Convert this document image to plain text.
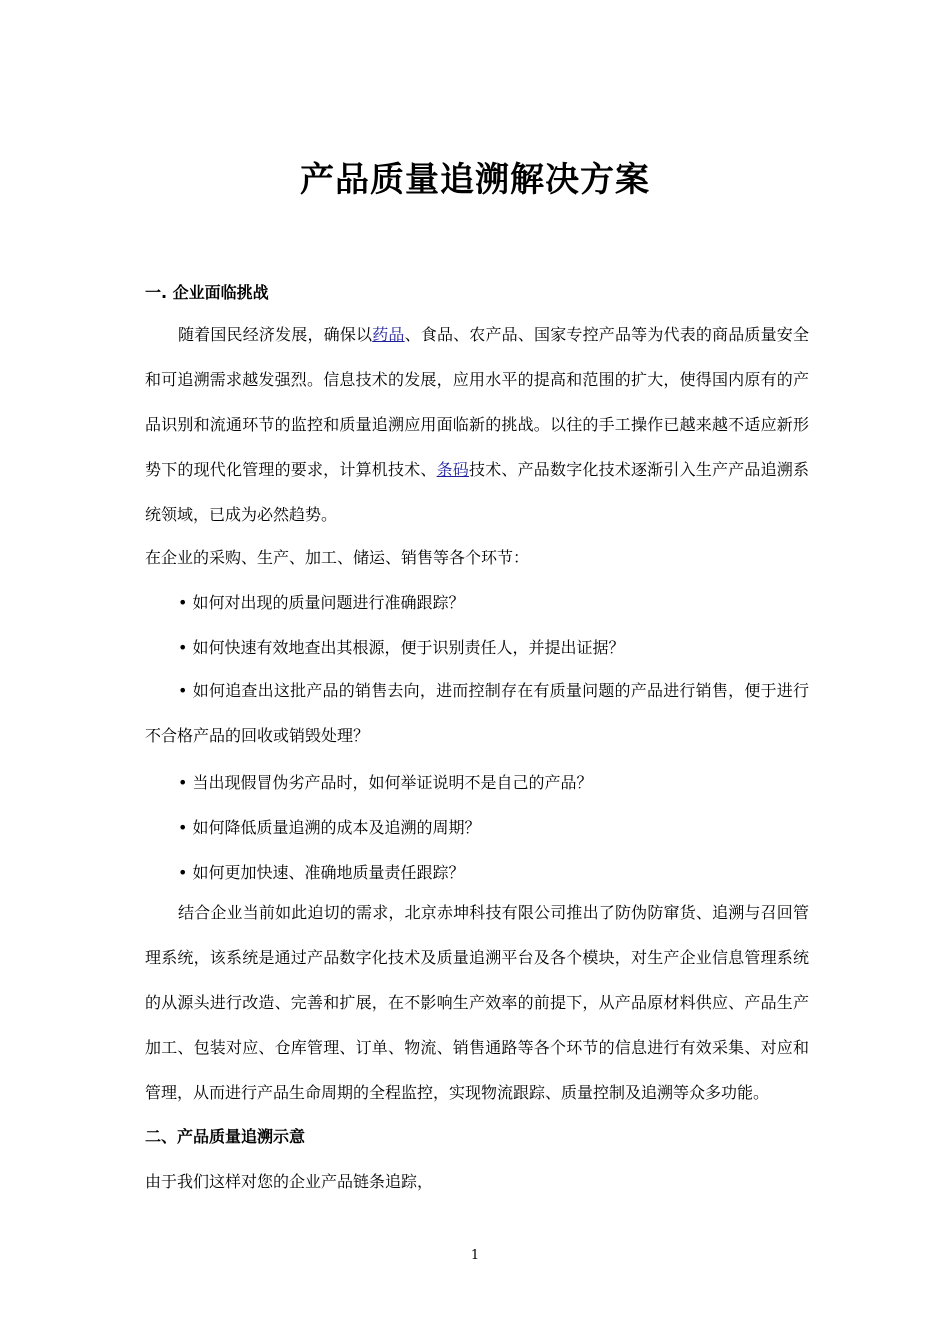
产品质量追溯解决方案
一. 企业面临挑战
随着国民经济发展，确保以药品、食品、农产品、国家专控产品等为代表的商品质量安全和可追溯需求越发强烈。信息技术的发展，应用水平的提高和范围的扩大，使得国内原有的产品识别和流通环节的监控和质量追溯应用面临新的挑战。以往的手工操作已越来越不适应新形势下的现代化管理的要求，计算机技术、条码技术、产品数字化技术逐渐引入生产产品追溯系统领域，已成为必然趋势。
在企业的采购、生产、加工、储运、销售等各个环节：
• 如何对出现的质量问题进行准确跟踪？
• 如何快速有效地查出其根源，便于识别责任人，并提出证据？
• 如何追查出这批产品的销售去向，进而控制存在有质量问题的产品进行销售，便于进行不合格产品的回收或销毁处理？
• 当出现假冒伪劣产品时，如何举证说明不是自己的产品？
• 如何降低质量追溯的成本及追溯的周期？
• 如何更加快速、准确地质量责任跟踪？
结合企业当前如此迫切的需求，北京赤坤科技有限公司推出了防伪防窜货、追溯与召回管理系统，该系统是通过产品数字化技术及质量追溯平台及各个模块，对生产企业信息管理系统的从源头进行改造、完善和扩展，在不影响生产效率的前提下，从产品原材料供应、产品生产加工、包装对应、仓库管理、订单、物流、销售通路等各个环节的信息进行有效采集、对应和管理，从而进行产品生命周期的全程监控，实现物流跟踪、质量控制及追溯等众多功能。
二、产品质量追溯示意
由于我们这样对您的企业产品链条追踪，
1
